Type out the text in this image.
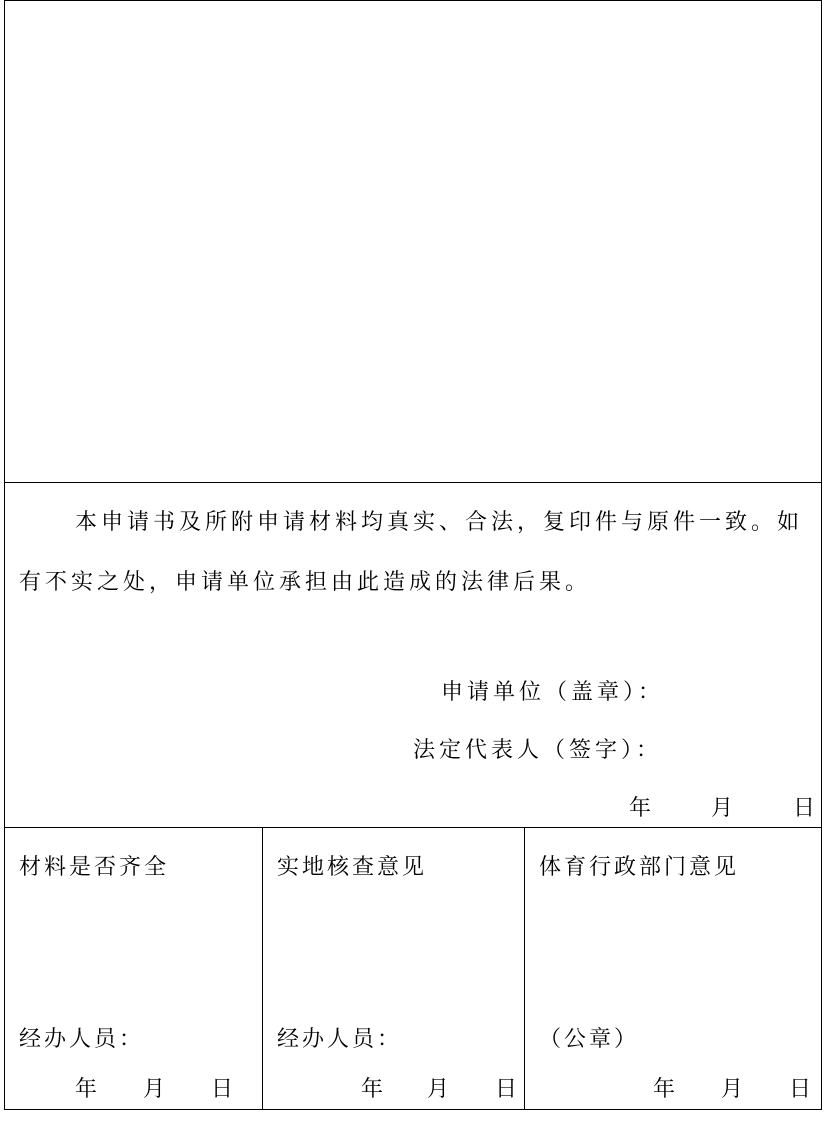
本申请书及所附申请材料均真实、合法，复印件与原件一致。如
有不实之处，申请单位承担由此造成的法律后果。
申请单位（盖章）：
法定代表人（签字）：
年	月	日
材料是否齐全
经办人员：
年 月 日
实地核查意见
经办人员：
年 月 日
体育行政部门意见
（公章）
年 月 日
